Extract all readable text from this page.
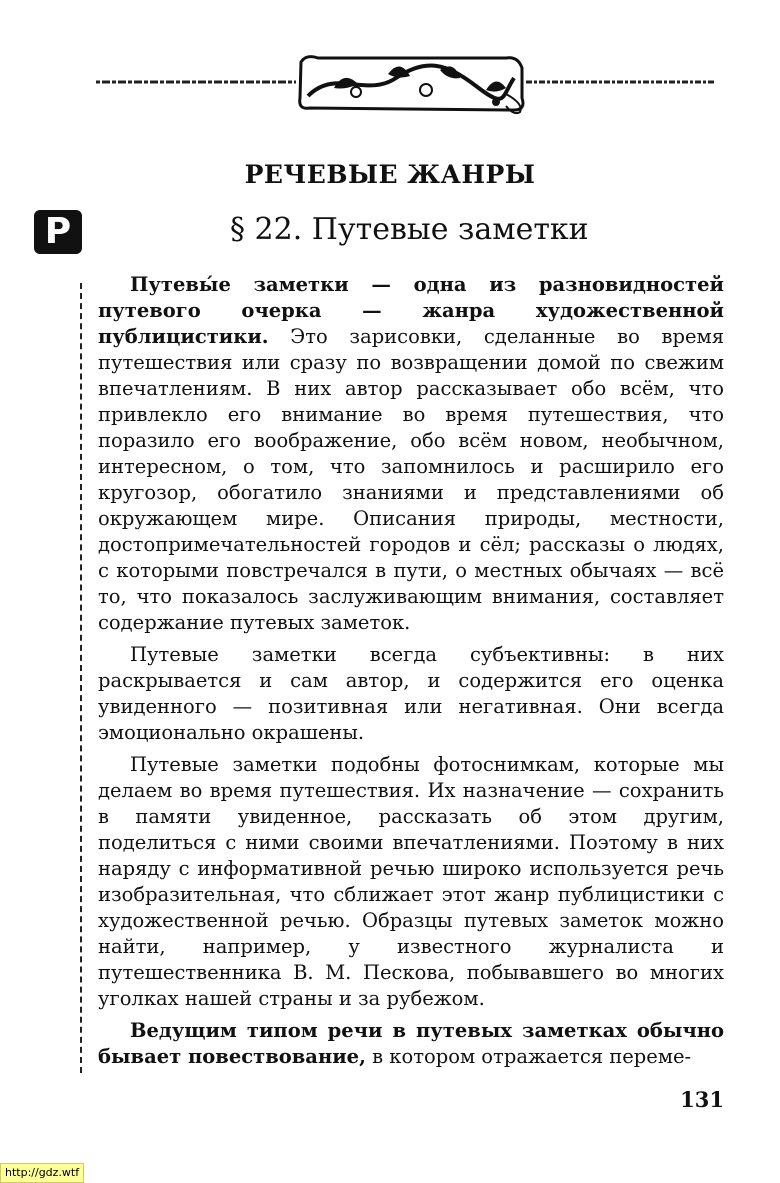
РЕЧЕВЫЕ ЖАНРЫ
Р	§ 22. Путевые заметки

Путевы́е заметки — одна из разновидностей путевого очерка — жанра художественной публицистики. Это зарисовки, сделанные во время путешествия или сразу по возвращении домой по свежим впечатлениям. В них автор рассказывает обо всём, что привлекло его внимание во время путешествия, что поразило его воображение, обо всём новом, необычном, интересном, о том, что запомнилось и расширило его кругозор, обогатило знаниями и представлениями об окружающем мире. Описания природы, местности, достопримечательностей городов и сёл; рассказы о людях, с которыми повстречался в пути, о местных обычаях — всё то, что показалось заслуживающим внимания, составляет содержание путевых заметок.

Путевые заметки всегда субъективны: в них раскрывается и сам автор, и содержится его оценка увиденного — позитивная или негативная. Они всегда эмоционально окрашены.

Путевые заметки подобны фотоснимкам, которые мы делаем во время путешествия. Их назначение — сохранить в памяти увиденное, рассказать об этом другим, поделиться с ними своими впечатлениями. Поэтому в них наряду с информативной речью широко используется речь изобразительная, что сближает этот жанр публицистики с художественной речью. Образцы путевых заметок можно найти, например, у известного журналиста и путешественника В. М. Пескова, побывавшего во многих уголках нашей страны и за рубежом.

Ведущим типом речи в путевых заметках обычно бывает повествование, в котором отражается переме-

131
http://gdz.wtf
